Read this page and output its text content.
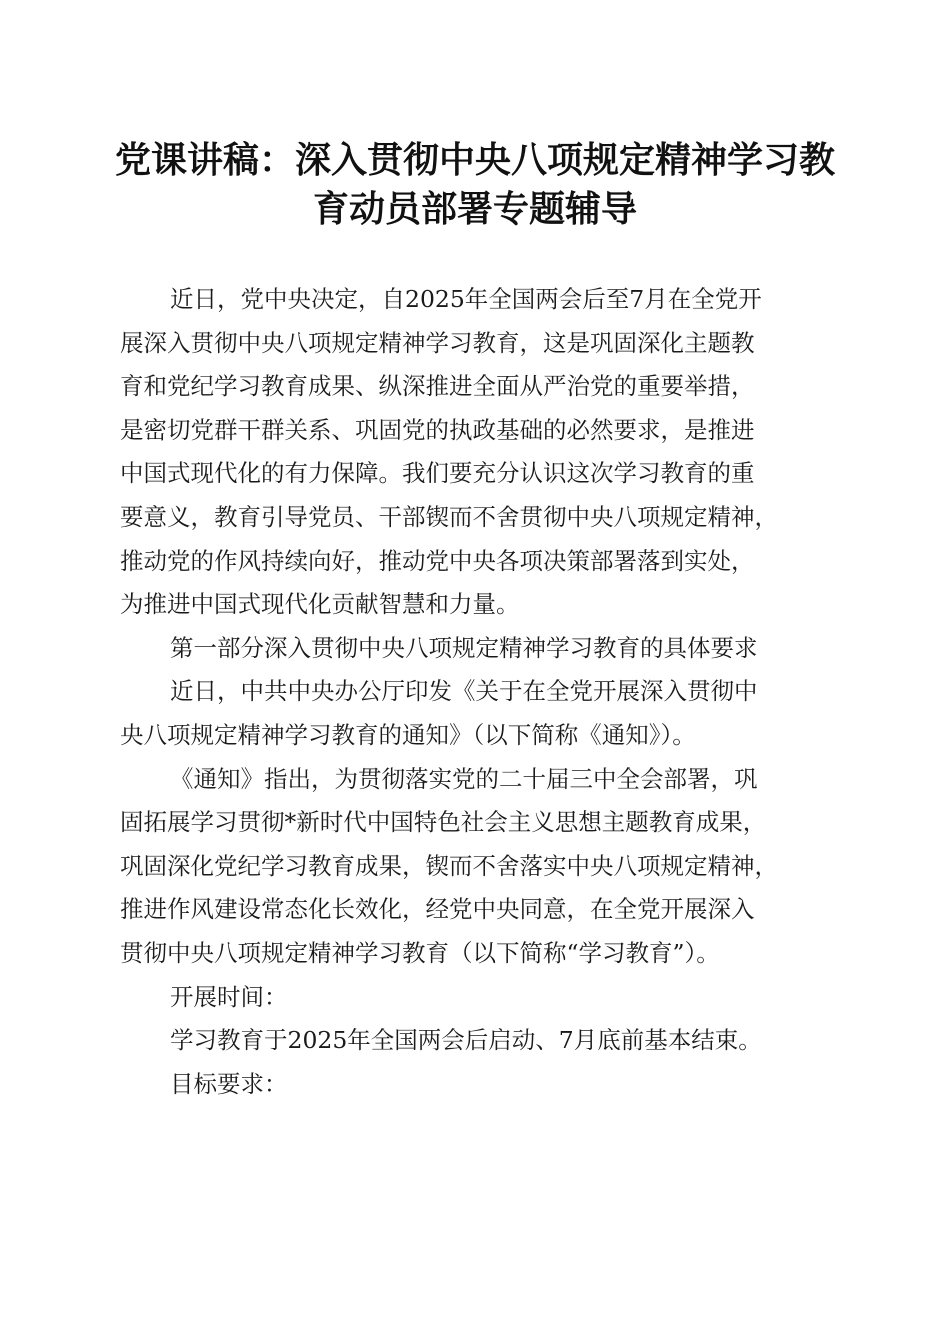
党课讲稿：深入贯彻中央八项规定精神学习教
育动员部署专题辅导
近日，党中央决定，自2025年全国两会后至7月在全党开
展深入贯彻中央八项规定精神学习教育，这是巩固深化主题教
育和党纪学习教育成果、纵深推进全面从严治党的重要举措，
是密切党群干群关系、巩固党的执政基础的必然要求，是推进
中国式现代化的有力保障。我们要充分认识这次学习教育的重
要意义，教育引导党员、干部锲而不舍贯彻中央八项规定精神，
推动党的作风持续向好，推动党中央各项决策部署落到实处，
为推进中国式现代化贡献智慧和力量。
第一部分深入贯彻中央八项规定精神学习教育的具体要求
近日，中共中央办公厅印发《关于在全党开展深入贯彻中
央八项规定精神学习教育的通知》（以下简称《通知》）。
《通知》指出，为贯彻落实党的二十届三中全会部署，巩
固拓展学习贯彻*新时代中国特色社会主义思想主题教育成果，
巩固深化党纪学习教育成果，锲而不舍落实中央八项规定精神，
推进作风建设常态化长效化，经党中央同意，在全党开展深入
贯彻中央八项规定精神学习教育（以下简称“学习教育”）。
开展时间：
学习教育于2025年全国两会后启动、7月底前基本结束。
目标要求：
